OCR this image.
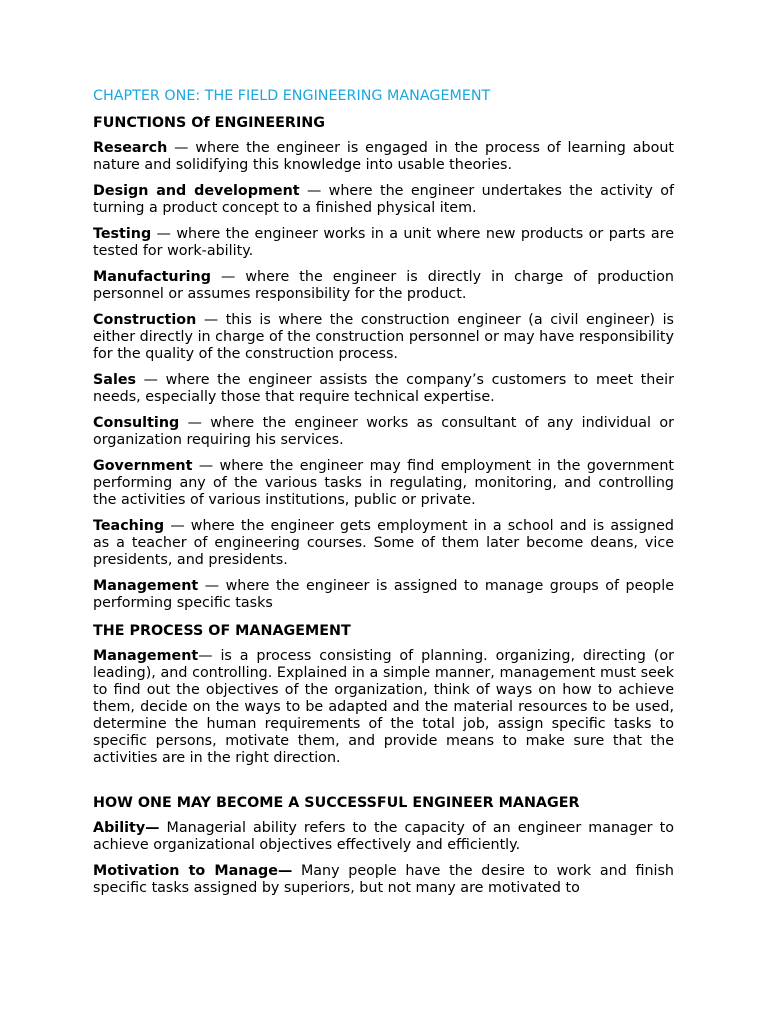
CHAPTER ONE: THE FIELD ENGINEERING MANAGEMENT
FUNCTIONS Of ENGINEERING

Research — where the engineer is engaged in the process of learning about nature and solidifying this knowledge into usable theories.

Design and development — where the engineer undertakes the activity of turning a product concept to a finished physical item.

Testing — where the engineer works in a unit where new products or parts are tested for work-ability.

Manufacturing — where the engineer is directly in charge of production personnel or assumes responsibility for the product.

Construction — this is where the construction engineer (a civil engineer) is either directly in charge of the construction personnel or may have responsibility for the quality of the construction process.

Sales — where the engineer assists the company’s customers to meet their needs, especially those that require technical expertise.

Consulting — where the engineer works as consultant of any individual or organization requiring his services.

Government — where the engineer may find employment in the government performing any of the various tasks in regulating, monitoring, and controlling the activities of various institutions, public or private.

Teaching — where the engineer gets employment in a school and is assigned as a teacher of engineering courses. Some of them later become deans, vice presidents, and presidents.

Management — where the engineer is assigned to manage groups of people performing specific tasks

THE PROCESS OF MANAGEMENT

Management— is a process consisting of planning. organizing, directing (or leading), and controlling. Explained in a simple manner, management must seek to find out the objectives of the organization, think of ways on how to achieve them, decide on the ways to be adapted and the material resources to be used, determine the human requirements of the total job, assign specific tasks to specific persons, motivate them, and provide means to make sure that the activities are in the right direction.

HOW ONE MAY BECOME A SUCCESSFUL ENGINEER MANAGER

Ability— Managerial ability refers to the capacity of an engineer manager to achieve organizational objectives effectively and efficiently.

Motivation to Manage— Many people have the desire to work and finish specific tasks assigned by superiors, but not many are motivated to
